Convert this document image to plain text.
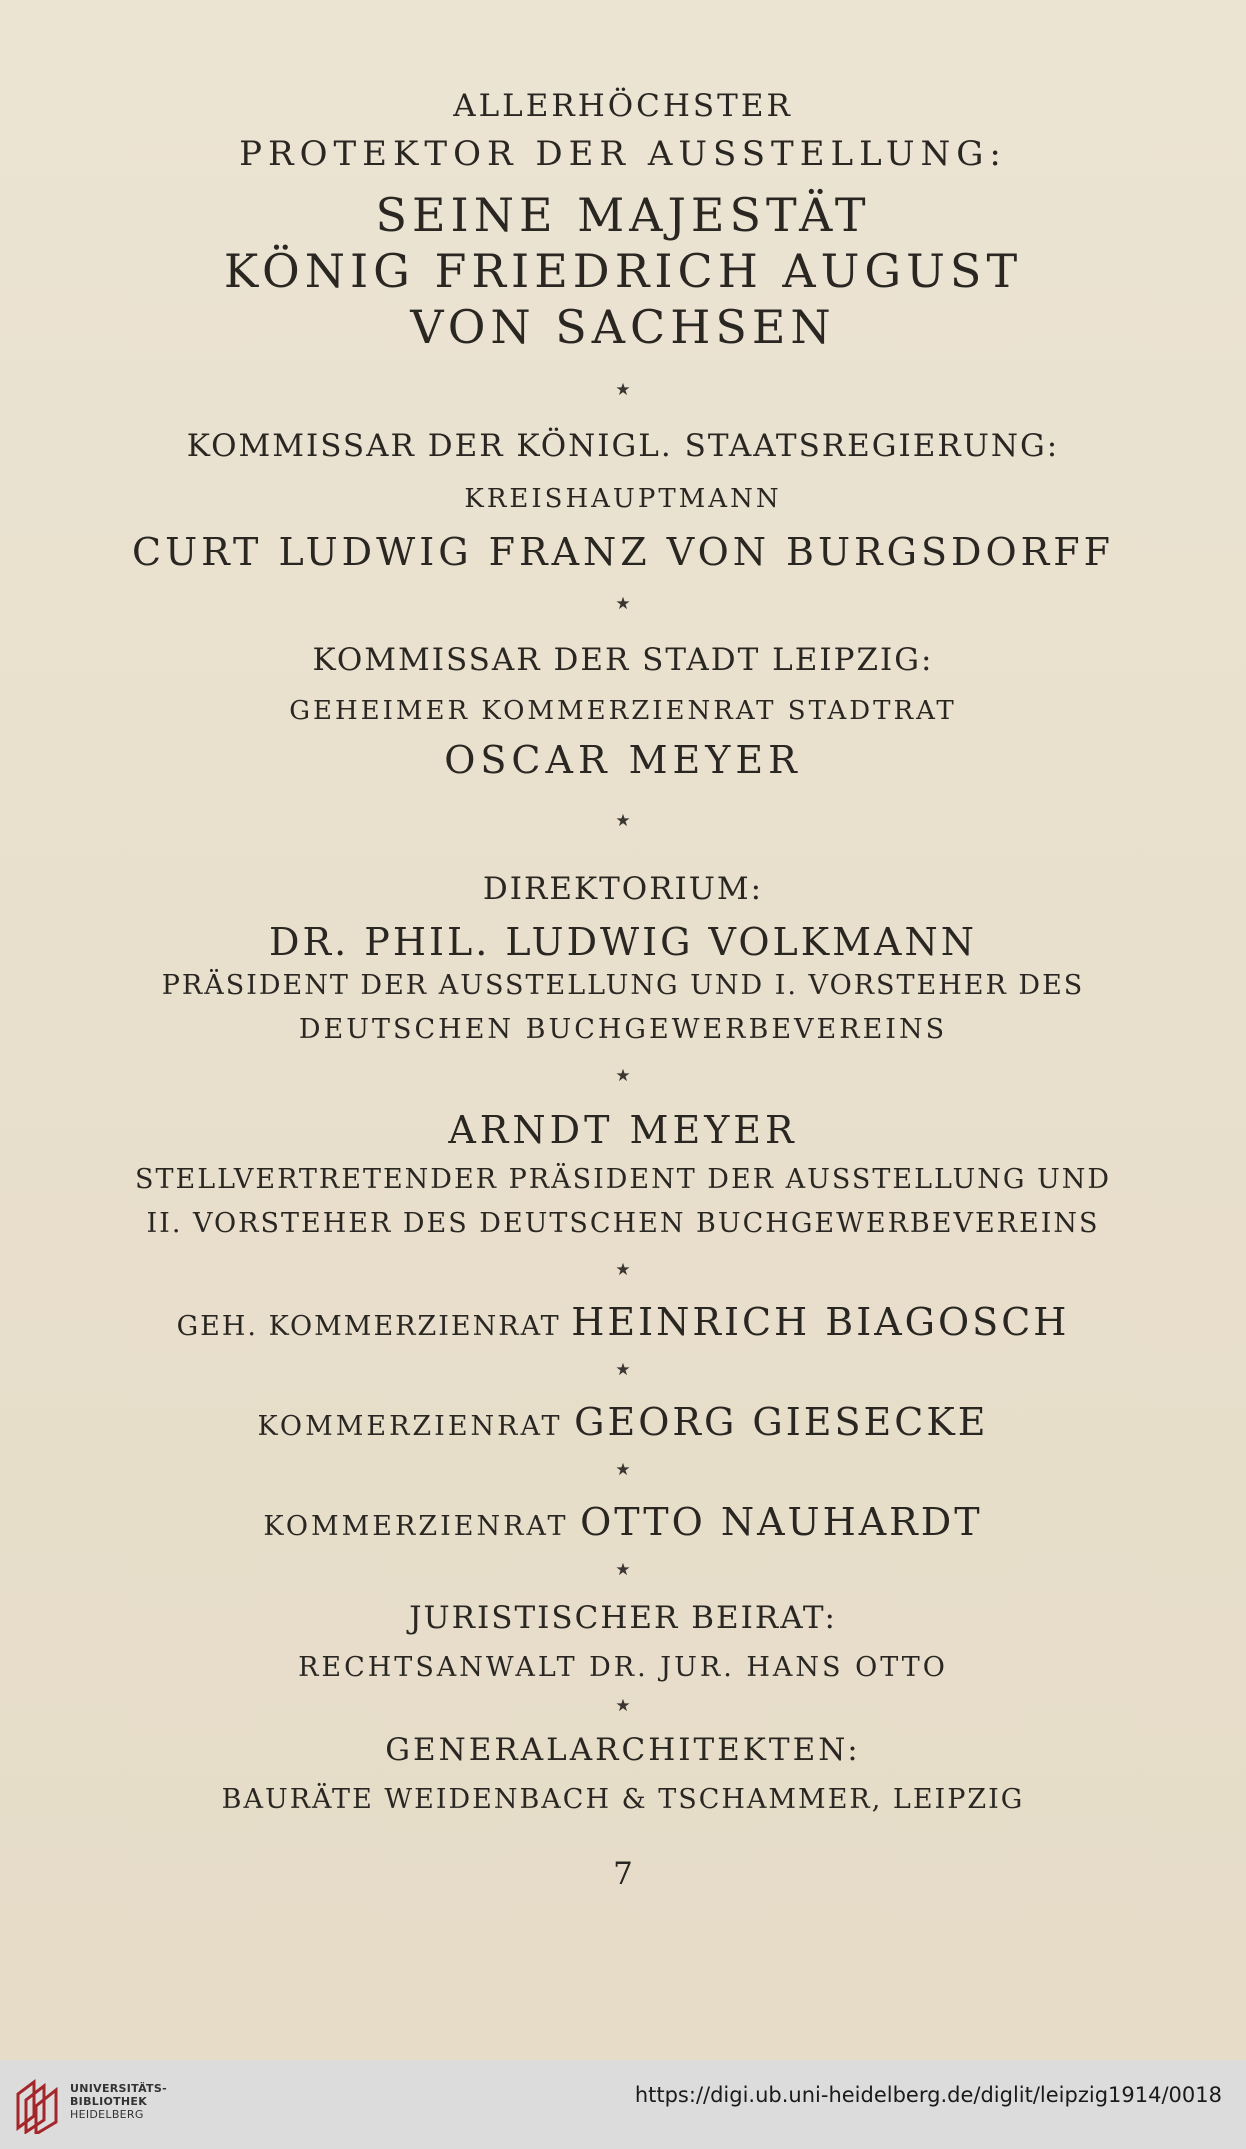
ALLERHÖCHSTER
PROTEKTOR DER AUSSTELLUNG:
SEINE MAJESTÄT
KÖNIG FRIEDRICH AUGUST
VON SACHSEN
★
KOMMISSAR DER KÖNIGL. STAATSREGIERUNG:
KREISHAUPTMANN
CURT LUDWIG FRANZ VON BURGSDORFF
★
KOMMISSAR DER STADT LEIPZIG:
GEHEIMER KOMMERZIENRAT STADTRAT
OSCAR MEYER
★
DIREKTORIUM:
DR. PHIL. LUDWIG VOLKMANN
PRÄSIDENT DER AUSSTELLUNG UND I. VORSTEHER DES
DEUTSCHEN BUCHGEWERBEVEREINS
★
ARNDT MEYER
STELLVERTRETENDER PRÄSIDENT DER AUSSTELLUNG UND
II. VORSTEHER DES DEUTSCHEN BUCHGEWERBEVEREINS
★
GEH. KOMMERZIENRAT HEINRICH BIAGOSCH
★
KOMMERZIENRAT GEORG GIESECKE
★
KOMMERZIENRAT OTTO NAUHARDT
★
JURISTISCHER BEIRAT:
RECHTSANWALT DR. JUR. HANS OTTO
★
GENERALARCHITEKTEN:
BAURÄTE WEIDENBACH & TSCHAMMER, LEIPZIG
7
UNIVERSITÄTS-
BIBLIOTHEK
HEIDELBERG
https://digi.ub.uni-heidelberg.de/diglit/leipzig1914/0018
